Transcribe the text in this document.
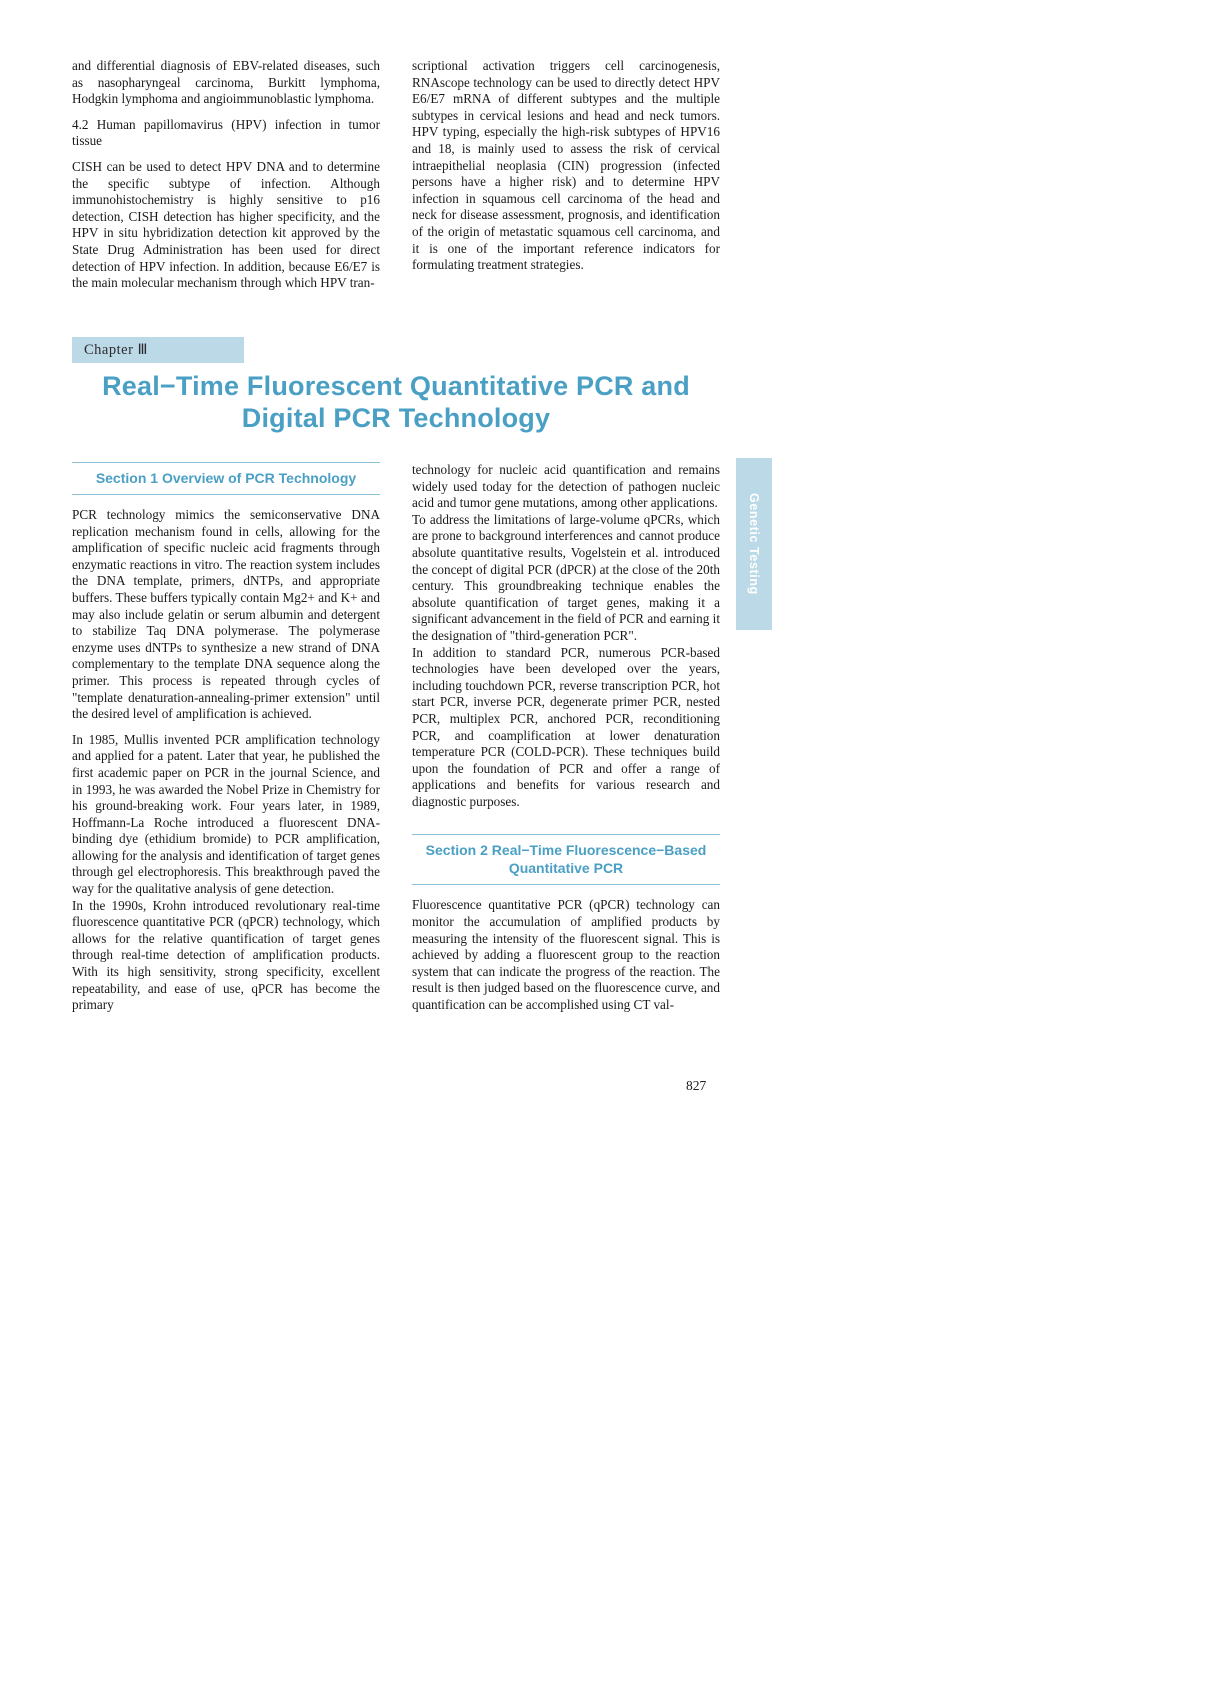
and differential diagnosis of EBV-related diseases, such as nasopharyngeal carcinoma, Burkitt lymphoma, Hodgkin lymphoma and angioimmunoblastic lymphoma.

4.2 Human papillomavirus (HPV) infection in tumor tissue

CISH can be used to detect HPV DNA and to determine the specific subtype of infection. Although immunohistochemistry is highly sensitive to p16 detection, CISH detection has higher specificity, and the HPV in situ hybridization detection kit approved by the State Drug Administration has been used for direct detection of HPV infection. In addition, because E6/E7 is the main molecular mechanism through which HPV tran-

scriptional activation triggers cell carcinogenesis, RNAscope technology can be used to directly detect HPV E6/E7 mRNA of different subtypes and the multiple subtypes in cervical lesions and head and neck tumors. HPV typing, especially the high-risk subtypes of HPV16 and 18, is mainly used to assess the risk of cervical intraepithelial neoplasia (CIN) progression (infected persons have a higher risk) and to determine HPV infection in squamous cell carcinoma of the head and neck for disease assessment, prognosis, and identification of the origin of metastatic squamous cell carcinoma, and it is one of the important reference indicators for formulating treatment strategies.

Chapter Ⅲ
Real−Time Fluorescent Quantitative PCR and Digital PCR Technology
Section 1 Overview of PCR Technology

PCR technology mimics the semiconservative DNA replication mechanism found in cells, allowing for the amplification of specific nucleic acid fragments through enzymatic reactions in vitro. The reaction system includes the DNA template, primers, dNTPs, and appropriate buffers. These buffers typically contain Mg2+ and K+ and may also include gelatin or serum albumin and detergent to stabilize Taq DNA polymerase. The polymerase enzyme uses dNTPs to synthesize a new strand of DNA complementary to the template DNA sequence along the primer. This process is repeated through cycles of "template denaturation-annealing-primer extension" until the desired level of amplification is achieved.

In 1985, Mullis invented PCR amplification technology and applied for a patent. Later that year, he published the first academic paper on PCR in the journal Science, and in 1993, he was awarded the Nobel Prize in Chemistry for his ground-breaking work. Four years later, in 1989, Hoffmann-La Roche introduced a fluorescent DNA-binding dye (ethidium bromide) to PCR amplification, allowing for the analysis and identification of target genes through gel electrophoresis. This breakthrough paved the way for the qualitative analysis of gene detection.

In the 1990s, Krohn introduced revolutionary real-time fluorescence quantitative PCR (qPCR) technology, which allows for the relative quantification of target genes through real-time detection of amplification products. With its high sensitivity, strong specificity, excellent repeatability, and ease of use, qPCR has become the primary

technology for nucleic acid quantification and remains widely used today for the detection of pathogen nucleic acid and tumor gene mutations, among other applications.

To address the limitations of large-volume qPCRs, which are prone to background interferences and cannot produce absolute quantitative results, Vogelstein et al. introduced the concept of digital PCR (dPCR) at the close of the 20th century. This groundbreaking technique enables the absolute quantification of target genes, making it a significant advancement in the field of PCR and earning it the designation of "third-generation PCR".

In addition to standard PCR, numerous PCR-based technologies have been developed over the years, including touchdown PCR, reverse transcription PCR, hot start PCR, inverse PCR, degenerate primer PCR, nested PCR, multiplex PCR, anchored PCR, reconditioning PCR, and coamplification at lower denaturation temperature PCR (COLD-PCR). These techniques build upon the foundation of PCR and offer a range of applications and benefits for various research and diagnostic purposes.

Section 2 Real−Time Fluorescence−Based Quantitative PCR

Fluorescence quantitative PCR (qPCR) technology can monitor the accumulation of amplified products by measuring the intensity of the fluorescent signal. This is achieved by adding a fluorescent group to the reaction system that can indicate the progress of the reaction. The result is then judged based on the fluorescence curve, and quantification can be accomplished using CT val-

Genetic Testing
827
